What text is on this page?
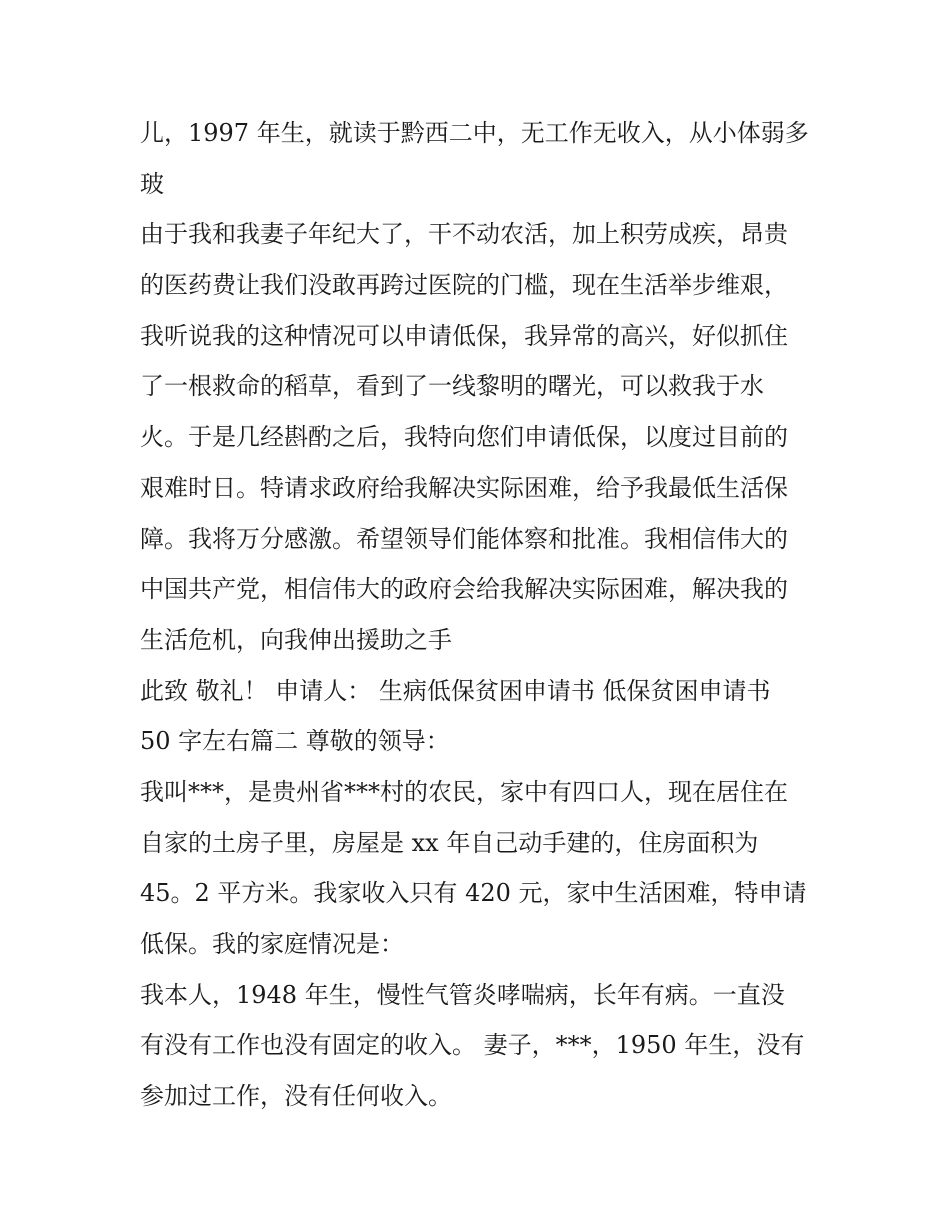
儿，1997 年生，就读于黔西二中，无工作无收入，从小体弱多
玻
由于我和我妻子年纪大了，干不动农活，加上积劳成疾，昂贵
的医药费让我们没敢再跨过医院的门槛，现在生活举步维艰，
我听说我的这种情况可以申请低保，我异常的高兴，好似抓住
了一根救命的稻草，看到了一线黎明的曙光，可以救我于水
火。于是几经斟酌之后，我特向您们申请低保，以度过目前的
艰难时日。特请求政府给我解决实际困难，给予我最低生活保
障。我将万分感激。希望领导们能体察和批准。我相信伟大的
中国共产党，相信伟大的政府会给我解决实际困难，解决我的
生活危机，向我伸出援助之手
此致 敬礼！ 申请人： 生病低保贫困申请书 低保贫困申请书
50 字左右篇二 尊敬的领导：
我叫***，是贵州省***村的农民，家中有四口人，现在居住在
自家的土房子里，房屋是 xx 年自己动手建的，住房面积为
45。2 平方米。我家收入只有 420 元，家中生活困难，特申请
低保。我的家庭情况是：
我本人，1948 年生，慢性气管炎哮喘病，长年有病。一直没
有没有工作也没有固定的收入。 妻子，***，1950 年生，没有
参加过工作，没有任何收入。
